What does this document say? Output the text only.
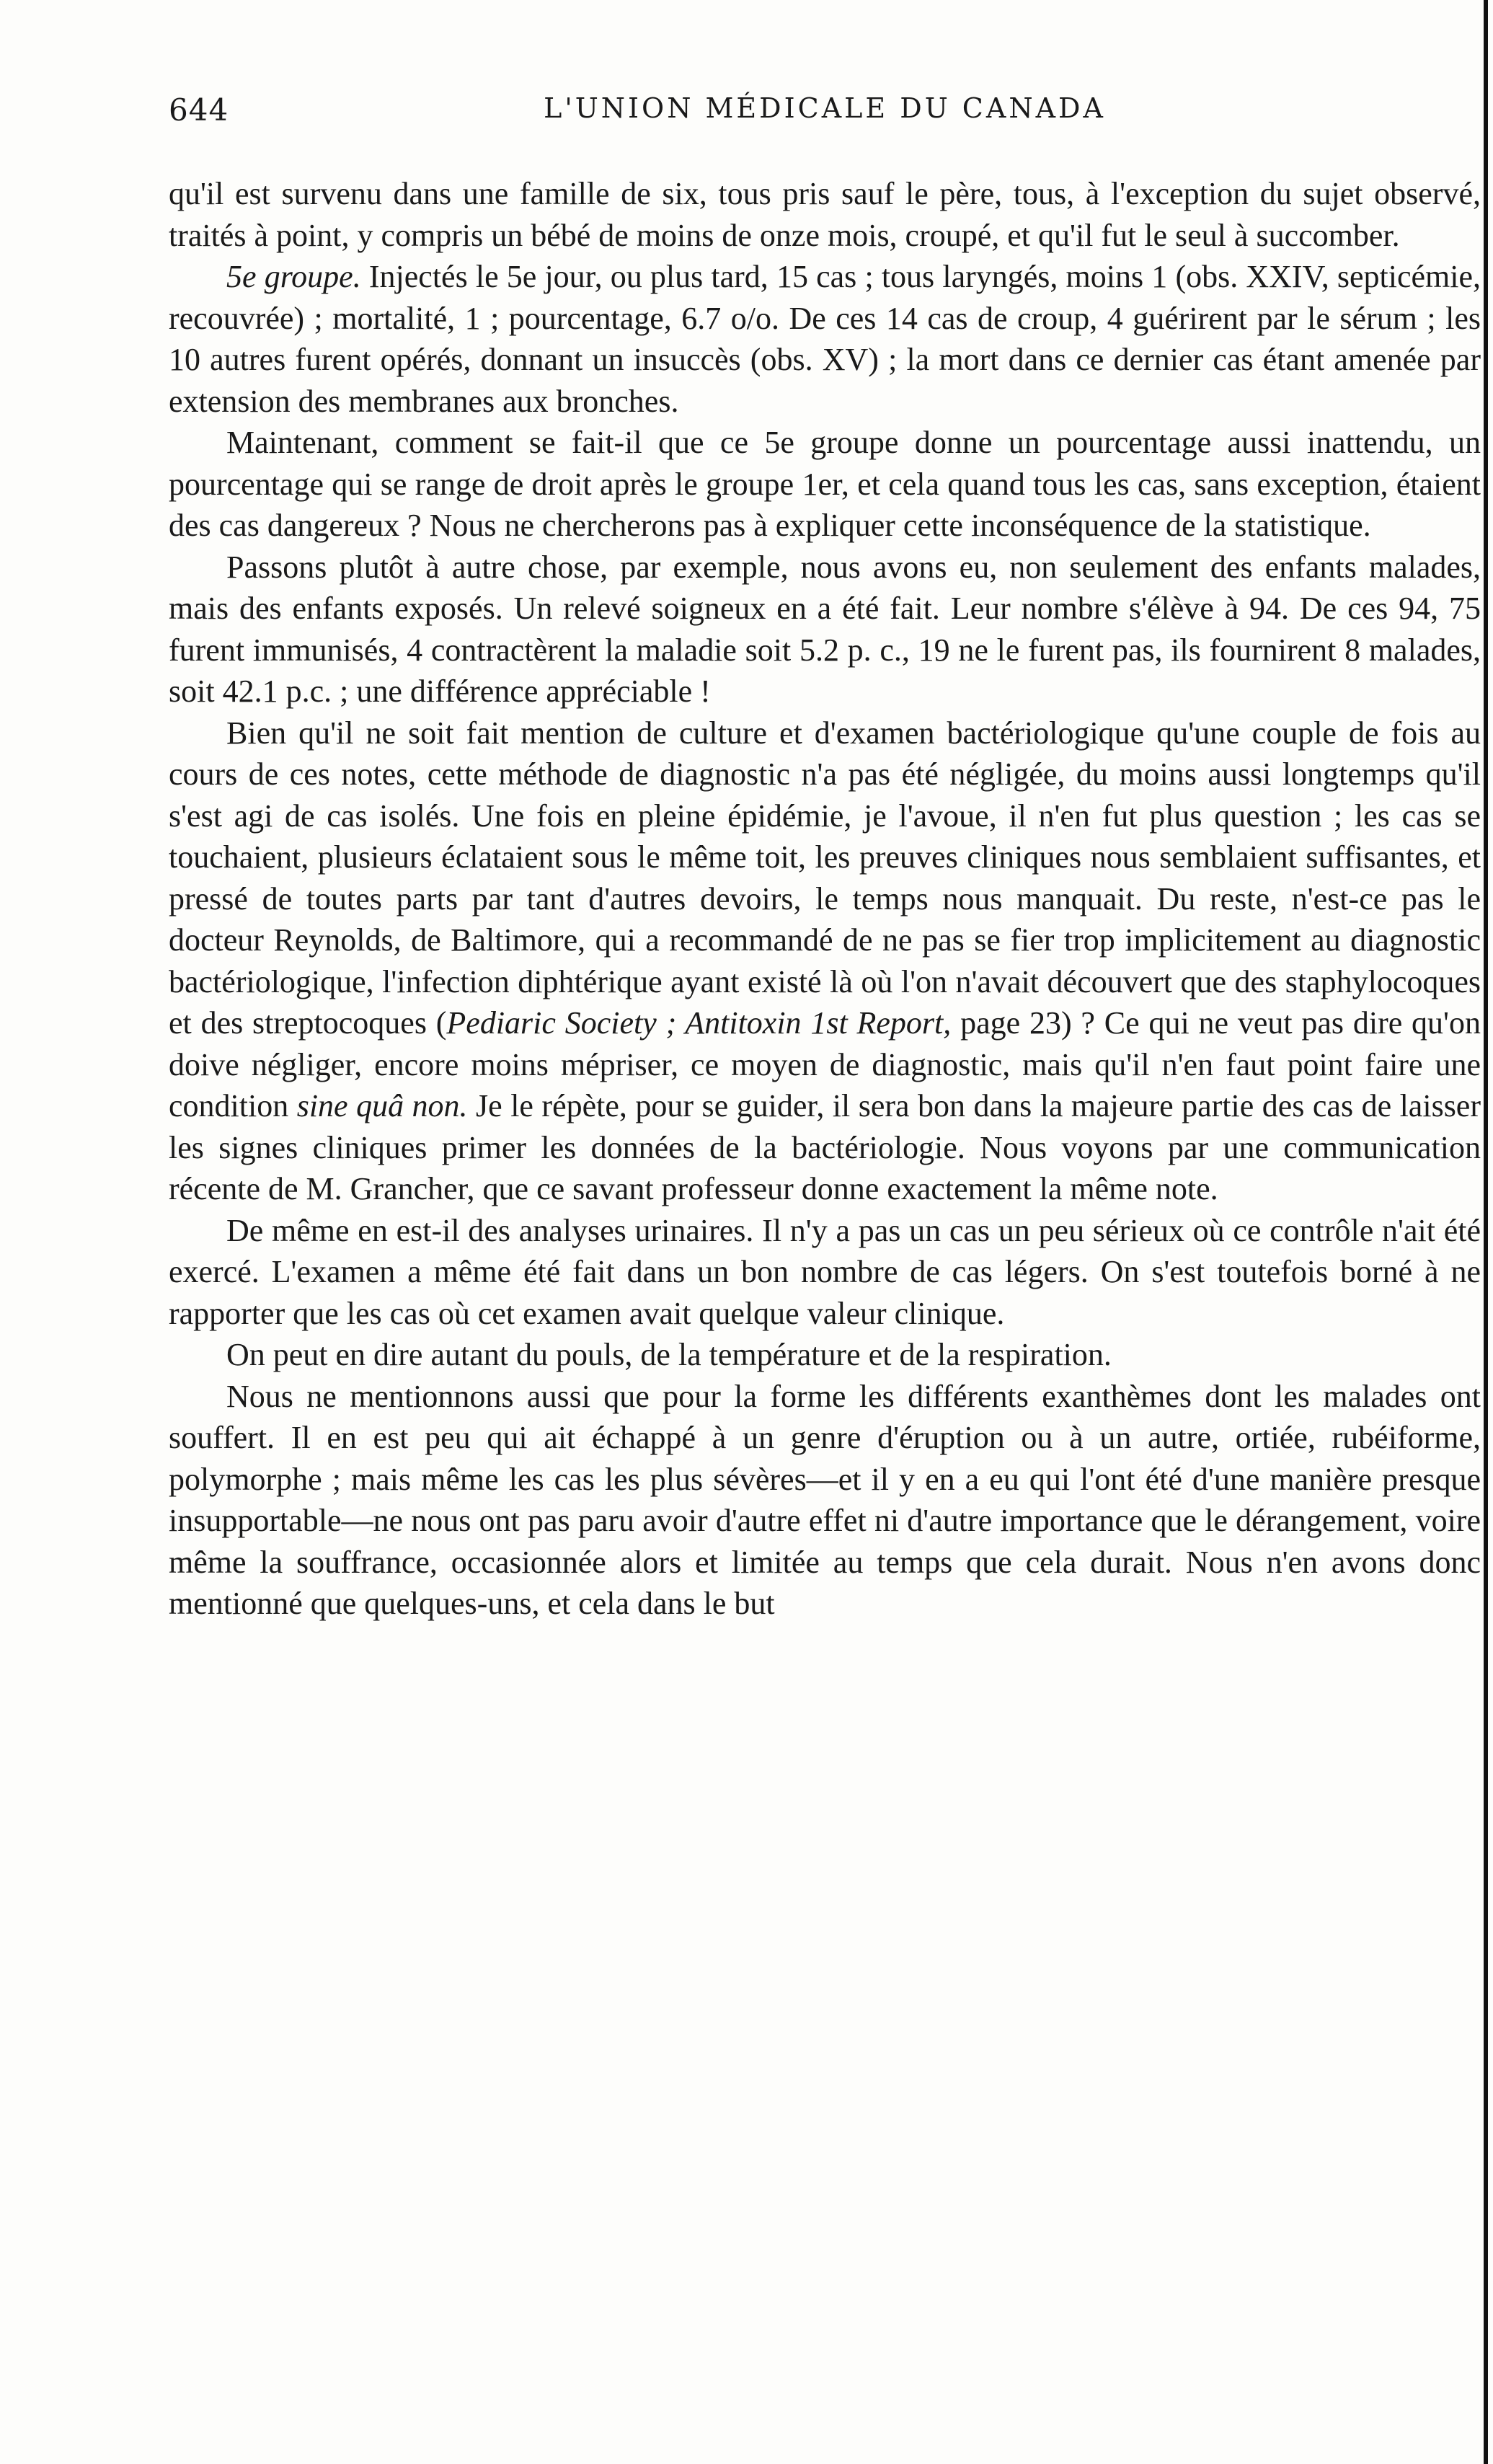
644	L'UNION MÉDICALE DU CANADA

qu'il est survenu dans une famille de six, tous pris sauf le père, tous, à l'exception du sujet observé, traités à point, y compris un bébé de moins de onze mois, croupé, et qu'il fut le seul à succomber.

5e groupe. Injectés le 5e jour, ou plus tard, 15 cas ; tous laryngés, moins 1 (obs. XXIV, septicémie, recouvrée) ; mortalité, 1 ; pourcentage, 6.7 o/o. De ces 14 cas de croup, 4 guérirent par le sérum ; les 10 autres furent opérés, donnant un insuccès (obs. XV) ; la mort dans ce dernier cas étant amenée par extension des membranes aux bronches.

Maintenant, comment se fait-il que ce 5e groupe donne un pourcentage aussi inattendu, un pourcentage qui se range de droit après le groupe 1er, et cela quand tous les cas, sans exception, étaient des cas dangereux ? Nous ne chercherons pas à expliquer cette inconséquence de la statistique.

Passons plutôt à autre chose, par exemple, nous avons eu, non seulement des enfants malades, mais des enfants exposés. Un relevé soigneux en a été fait. Leur nombre s'élève à 94. De ces 94, 75 furent immunisés, 4 contractèrent la maladie soit 5.2 p. c., 19 ne le furent pas, ils fournirent 8 malades, soit 42.1 p.c. ; une différence appréciable !

Bien qu'il ne soit fait mention de culture et d'examen bactériologique qu'une couple de fois au cours de ces notes, cette méthode de diagnostic n'a pas été négligée, du moins aussi longtemps qu'il s'est agi de cas isolés. Une fois en pleine épidémie, je l'avoue, il n'en fut plus question ; les cas se touchaient, plusieurs éclataient sous le même toit, les preuves cliniques nous semblaient suffisantes, et pressé de toutes parts par tant d'autres devoirs, le temps nous manquait. Du reste, n'est-ce pas le docteur Reynolds, de Baltimore, qui a recommandé de ne pas se fier trop implicitement au diagnostic bactériologique, l'infection diphtérique ayant existé là où l'on n'avait découvert que des staphylocoques et des streptocoques (Pediaric Society ; Antitoxin 1st Report, page 23) ? Ce qui ne veut pas dire qu'on doive négliger, encore moins mépriser, ce moyen de diagnostic, mais qu'il n'en faut point faire une condition sine quâ non. Je le répète, pour se guider, il sera bon dans la majeure partie des cas de laisser les signes cliniques primer les données de la bactériologie. Nous voyons par une communication récente de M. Grancher, que ce savant professeur donne exactement la même note.

De même en est-il des analyses urinaires. Il n'y a pas un cas un peu sérieux où ce contrôle n'ait été exercé. L'examen a même été fait dans un bon nombre de cas légers. On s'est toutefois borné à ne rapporter que les cas où cet examen avait quelque valeur clinique.

On peut en dire autant du pouls, de la température et de la respiration.

Nous ne mentionnons aussi que pour la forme les différents exanthèmes dont les malades ont souffert. Il en est peu qui ait échappé à un genre d'éruption ou à un autre, ortiée, rubéiforme, polymorphe ; mais même les cas les plus sévères—et il y en a eu qui l'ont été d'une manière presque insupportable—ne nous ont pas paru avoir d'autre effet ni d'autre importance que le dérangement, voire même la souffrance, occasionnée alors et limitée au temps que cela durait. Nous n'en avons donc mentionné que quelques-uns, et cela dans le but
